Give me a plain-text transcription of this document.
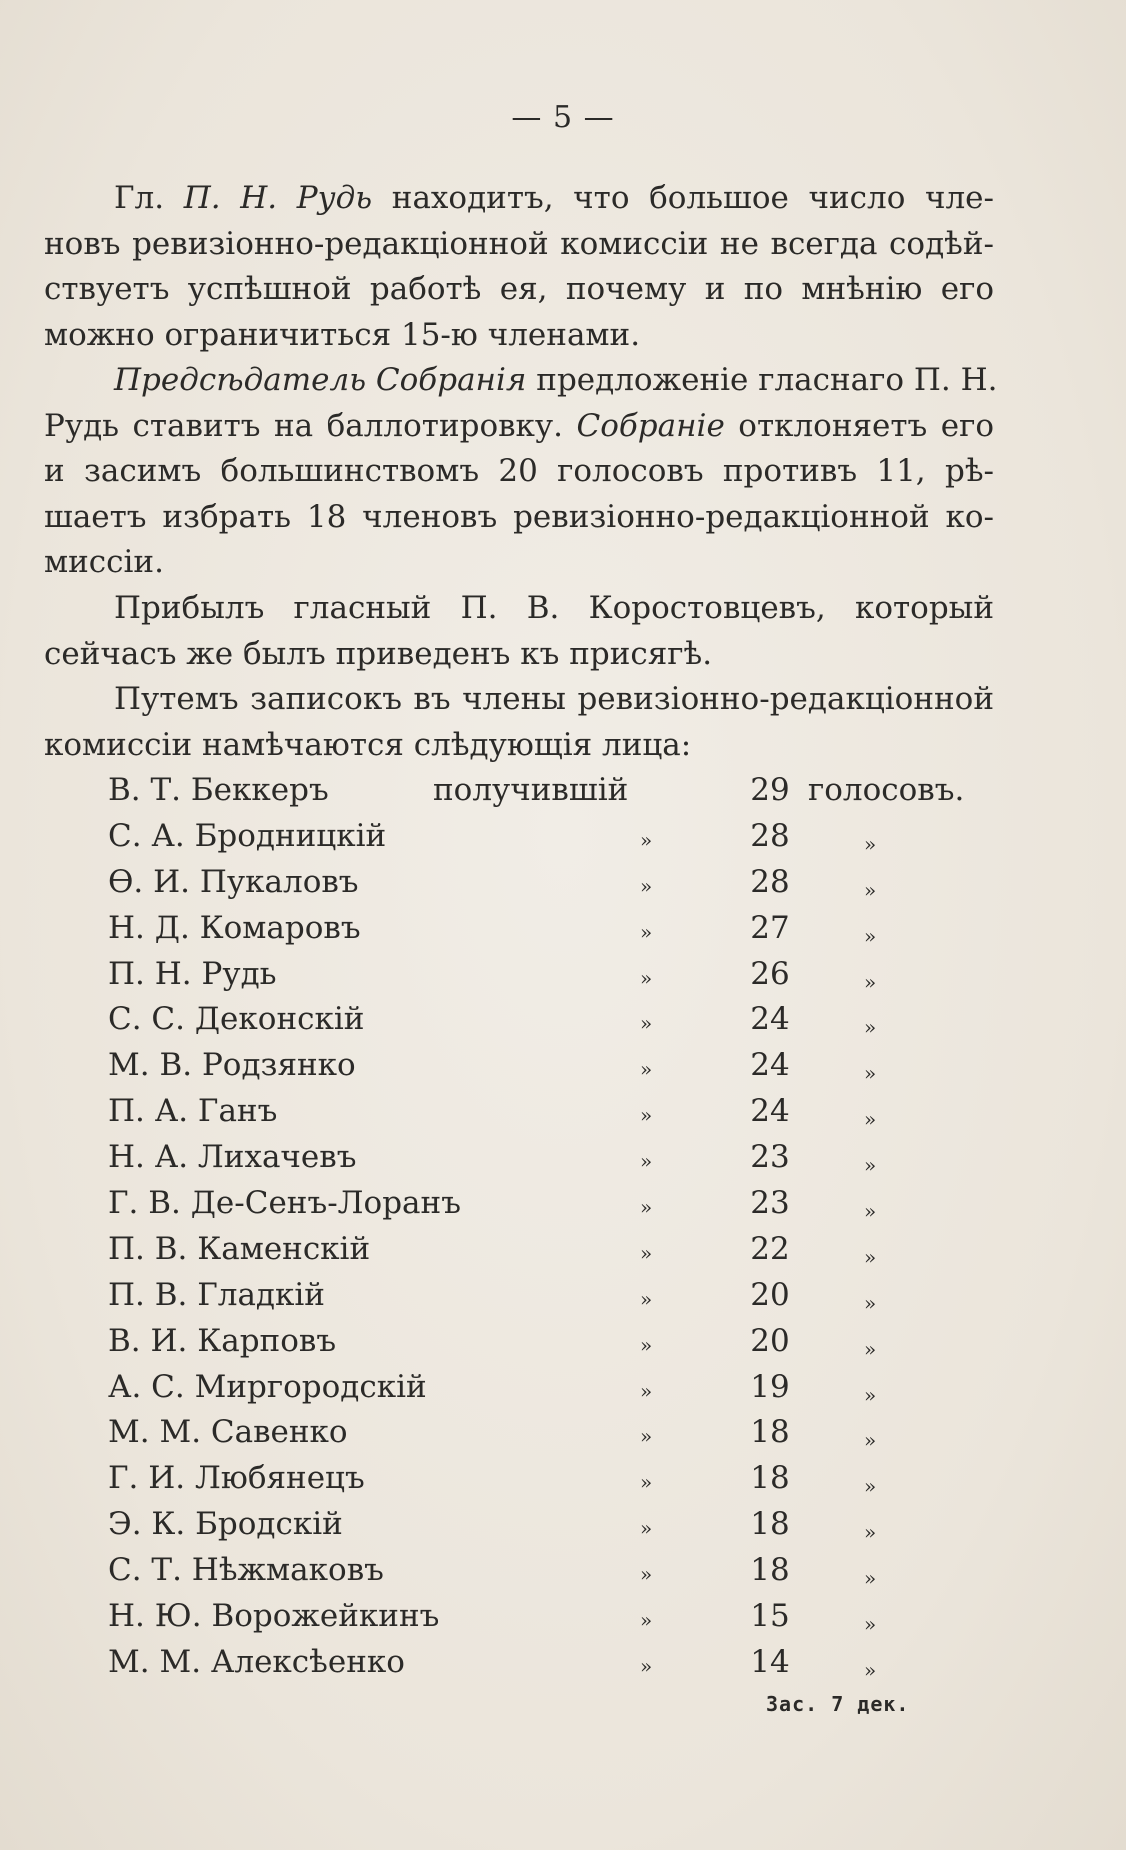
— 5 —
Гл. П. Н. Рудь находитъ, что большое число чле-
новъ ревизіонно-редакціонной комиссіи не всегда содѣй-
ствуетъ успѣшной работѣ ея, почему и по мнѣнію его
можно ограничиться 15-ю членами.
Предсѣдатель Собранія предложеніе гласнаго П. Н.
Рудь ставитъ на баллотировку. Собраніе отклоняетъ его
и засимъ большинствомъ 20 голосовъ противъ 11, рѣ-
шаетъ избрать 18 членовъ ревизіонно-редакціонной ко-
миссіи.
Прибылъ гласный П. В. Коростовцевъ, который
сейчасъ же былъ приведенъ къ присягѣ.
Путемъ записокъ въ члены ревизіонно-редакціонной
комиссіи намѣчаются слѣдующія лица:
В. Т. Беккеръ	получившій	29 голосовъ.
С. А. Бродницкій	»	28	»
Ѳ. И. Пукаловъ	»	28	»
Н. Д. Комаровъ	»	27	»
П. Н. Рудь	»	26	»
С. С. Деконскій	»	24	»
М. В. Родзянко	»	24	»
П. А. Ганъ	»	24	»
Н. А. Лихачевъ	»	23	»
Г. В. Де-Сенъ-Лоранъ	»	23	»
П. В. Каменскій	»	22	»
П. В. Гладкій	»	20	»
В. И. Карповъ	»	20	»
А. С. Миргородскій	»	19	»
М. М. Савенко	»	18	»
Г. И. Любянецъ	»	18	»
Э. К. Бродскій	»	18	»
С. Т. Нѣжмаковъ	»	18	»
Н. Ю. Ворожейкинъ	»	15	»
М. М. Алексѣенко	»	14	»
Зас. 7 дек.
